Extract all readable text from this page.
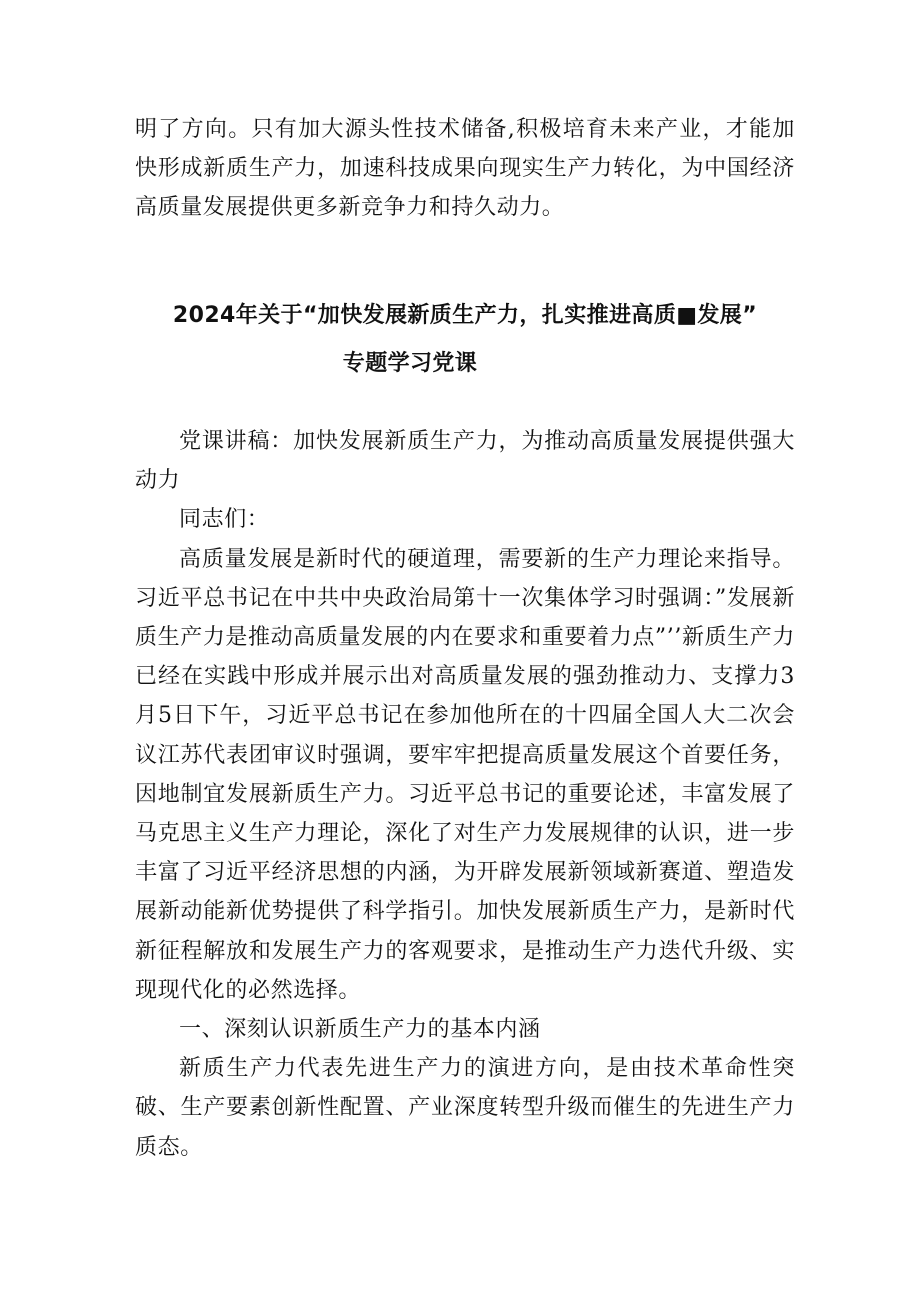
明了方向。只有加大源头性技术储备,积极培育未来产业，才能加快形成新质生产力，加速科技成果向现实生产力转化，为中国经济高质量发展提供更多新竞争力和持久动力。

2024年关于“加快发展新质生产力，扎实推进高质■发展”
专题学习党课

党课讲稿：加快发展新质生产力，为推动高质量发展提供强大动力

同志们：

高质量发展是新时代的硬道理，需要新的生产力理论来指导。习近平总书记在中共中央政治局第十一次集体学习时强调：”发展新质生产力是推动高质量发展的内在要求和重要着力点”’’新质生产力已经在实践中形成并展示出对高质量发展的强劲推动力、支撑力3月5日下午，习近平总书记在参加他所在的十四届全国人大二次会议江苏代表团审议时强调，要牢牢把提高质量发展这个首要任务，因地制宜发展新质生产力。习近平总书记的重要论述，丰富发展了马克思主义生产力理论，深化了对生产力发展规律的认识，进一步丰富了习近平经济思想的内涵，为开辟发展新领域新赛道、塑造发展新动能新优势提供了科学指引。加快发展新质生产力，是新时代新征程解放和发展生产力的客观要求，是推动生产力迭代升级、实现现代化的必然选择。

一、深刻认识新质生产力的基本内涵

新质生产力代表先进生产力的演进方向，是由技术革命性突破、生产要素创新性配置、产业深度转型升级而催生的先进生产力质态。
